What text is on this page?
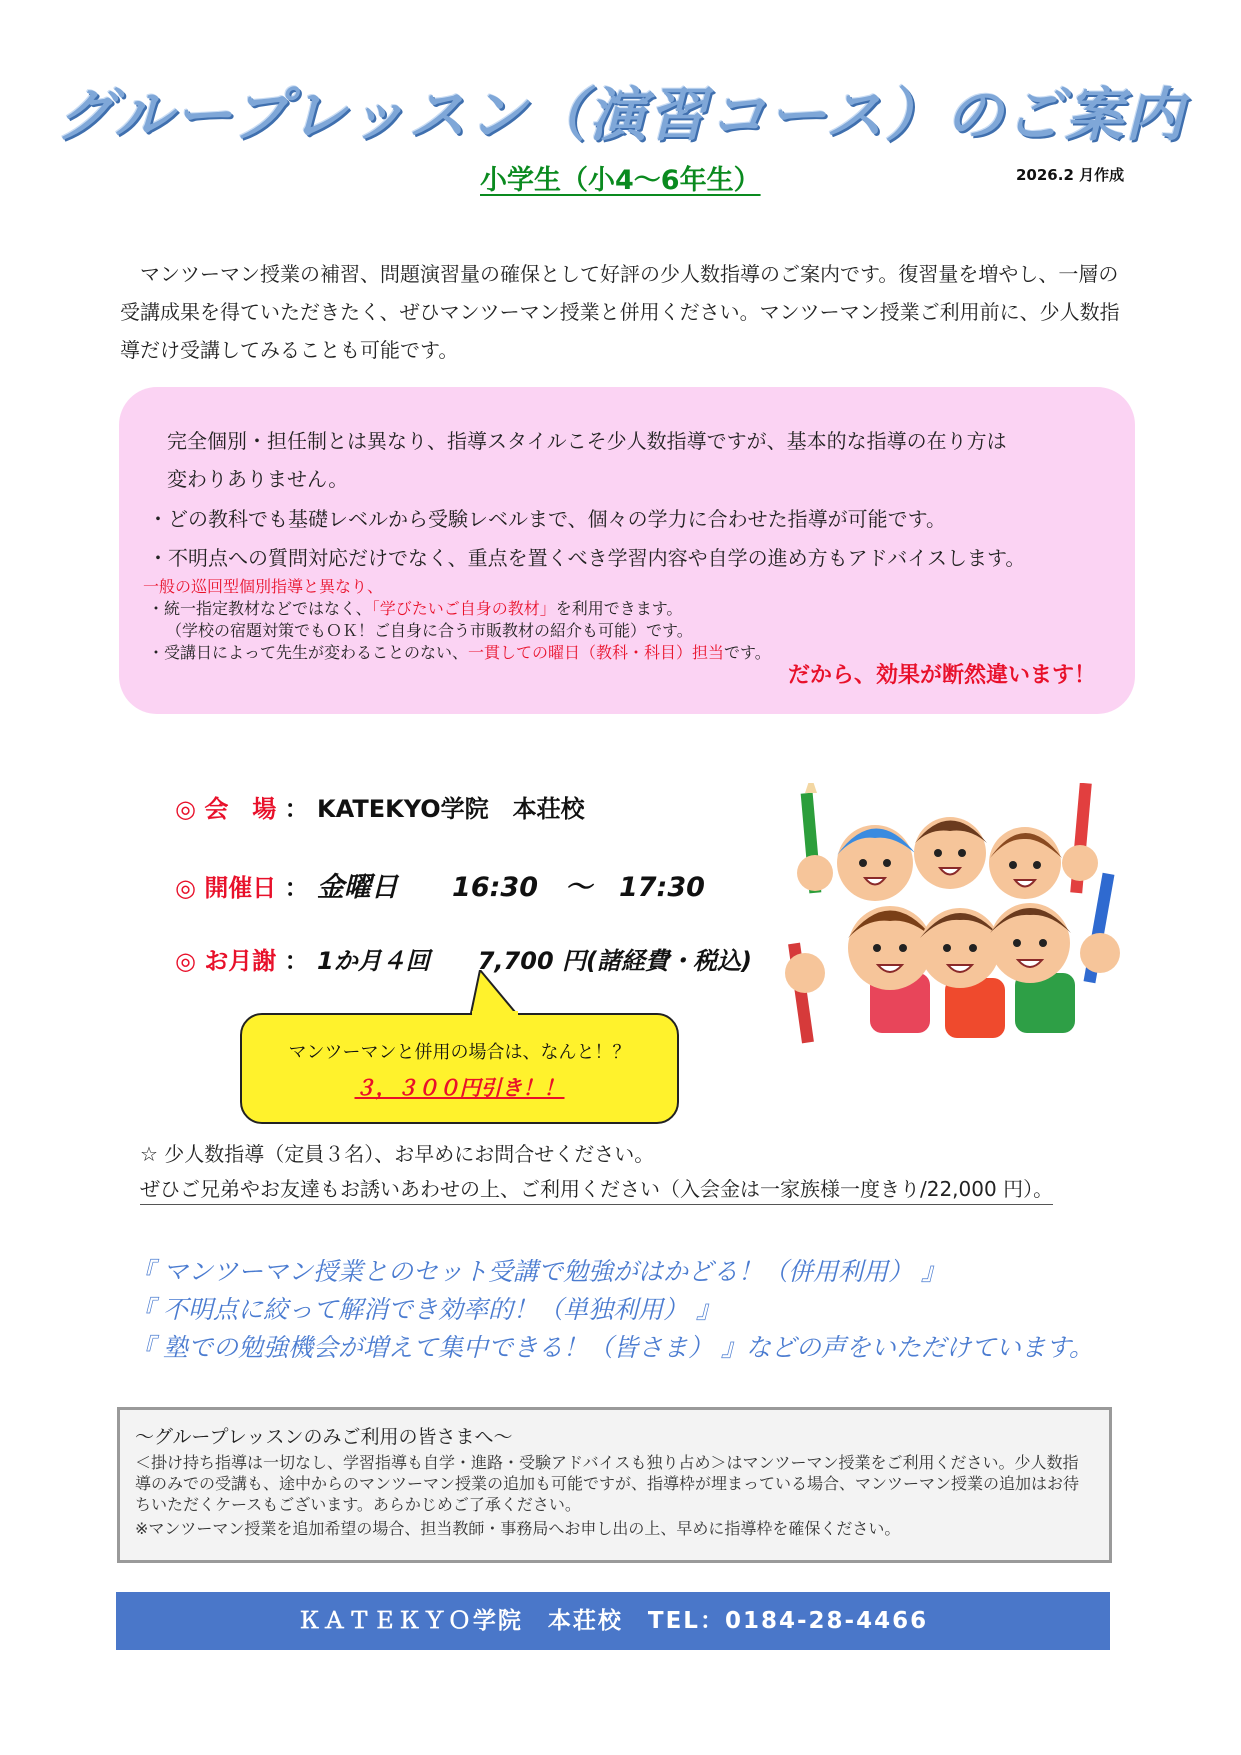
グループレッスン（演習コース）のご案内
小学生（小4～6年生）	2026.2 月作成
マンツーマン授業の補習、問題演習量の確保として好評の少人数指導のご案内です。復習量を増やし、一層の受講成果を得ていただきたく、ぜひマンツーマン授業と併用ください。マンツーマン授業ご利用前に、少人数指導だけ受講してみることも可能です。
完全個別・担任制とは異なり、指導スタイルこそ少人数指導ですが、基本的な指導の在り方は
変わりありません。
・どの教科でも基礎レベルから受験レベルまで、個々の学力に合わせた指導が可能です。
・不明点への質問対応だけでなく、重点を置くべき学習内容や自学の進め方もアドバイスします。
一般の巡回型個別指導と異なり、
・統一指定教材などではなく、「学びたいご自身の教材」を利用できます。
（学校の宿題対策でもＯＫ！ご自身に合う市販教材の紹介も可能）です。
・受講日によって先生が変わることのない、一貫しての曜日（教科・科目）担当です。
だから、効果が断然違います！
◎ 会　場 ： KATEKYO学院　本荘校
◎ 開催日 ： 金曜日　　16:30　～　17:30
◎ お月謝 ： 1か月４回　　7,700 円(諸経費・税込)
マンツーマンと併用の場合は、なんと！？
３，３００円引き！！
☆ 少人数指導（定員３名）、お早めにお問合せください。
ぜひご兄弟やお友達もお誘いあわせの上、ご利用ください（入会金は一家族様一度きり/22,000 円）。
『 マンツーマン授業とのセット受講で勉強がはかどる！（併用利用） 』
『 不明点に絞って解消でき効率的！（単独利用） 』
『 塾での勉強機会が増えて集中できる！（皆さま） 』などの声をいただけています。
～グループレッスンのみご利用の皆さまへ～
＜掛け持ち指導は一切なし、学習指導も自学・進路・受験アドバイスも独り占め＞はマンツーマン授業をご利用ください。少人数指導のみでの受講も、途中からのマンツーマン授業の追加も可能ですが、指導枠が埋まっている場合、マンツーマン授業の追加はお待ちいただくケースもございます。あらかじめご了承ください。
※マンツーマン授業を追加希望の場合、担当教師・事務局へお申し出の上、早めに指導枠を確保ください。
ＫＡＴＥＫＹＯ学院　本荘校　TEL：0184-28-4466
